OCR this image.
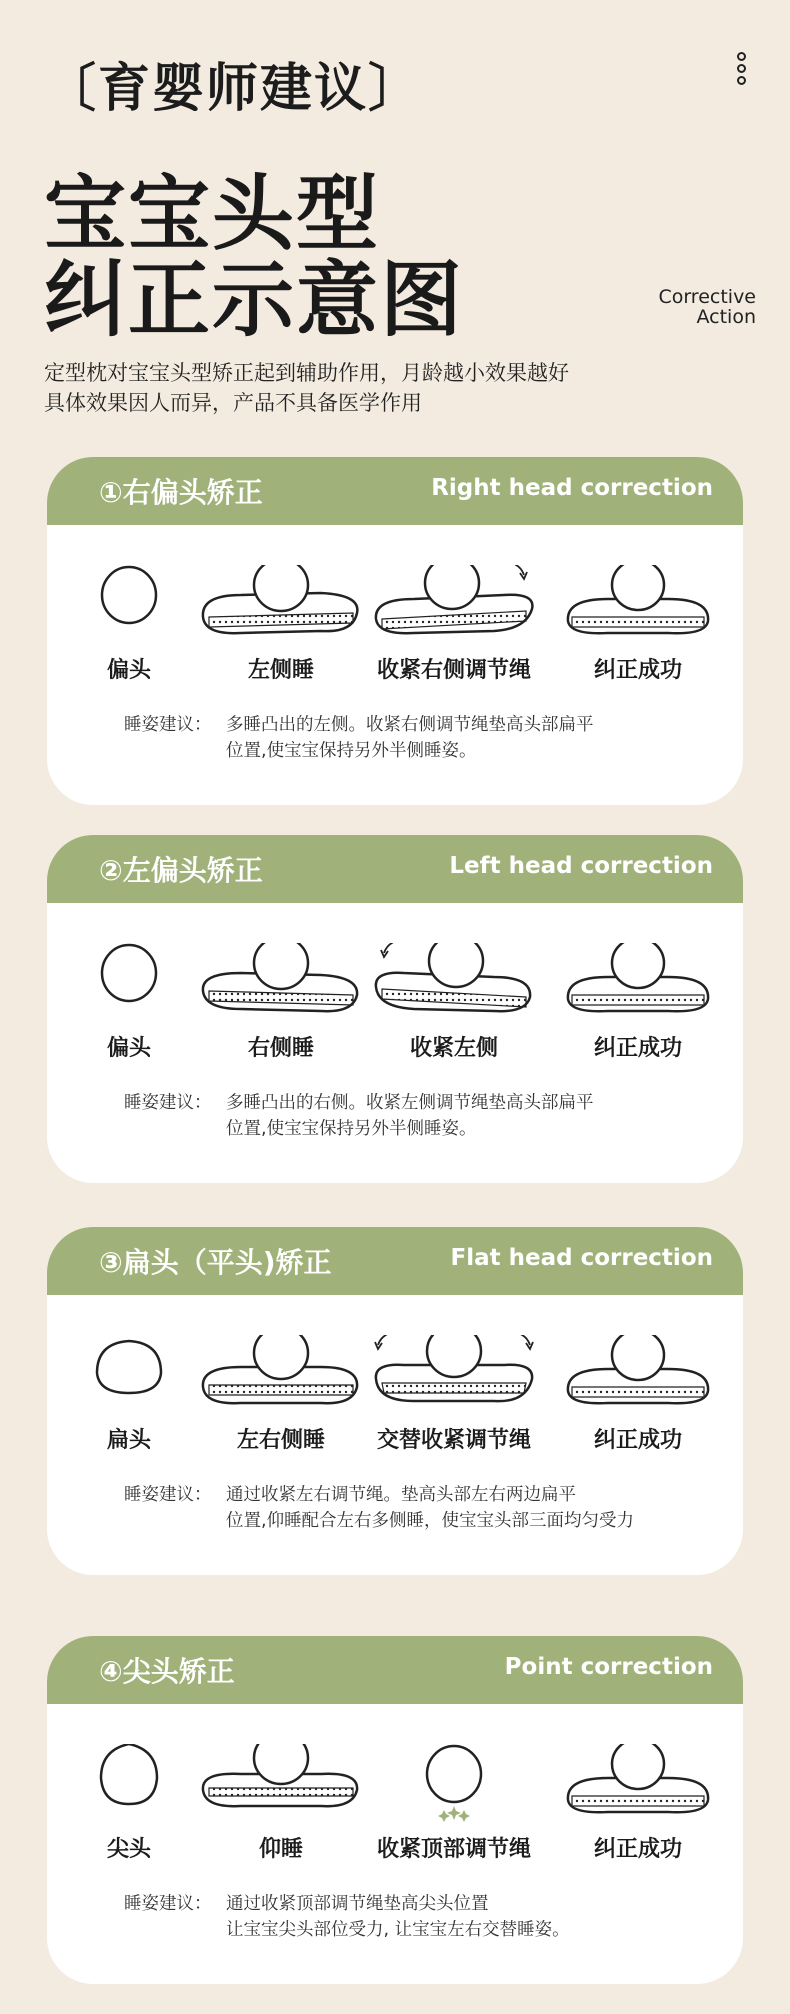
〔育婴师建议〕
宝宝头型
纠正示意图	Corrective
Action
定型枕对宝宝头型矫正起到辅助作用，月龄越小效果越好
具体效果因人而异，产品不具备医学作用
①右偏头矫正	Right head correction
偏头	左侧睡	收紧右侧调节绳	纠正成功
睡姿建议： 多睡凸出的左侧。收紧右侧调节绳垫高头部扁平
位置,使宝宝保持另外半侧睡姿。
②左偏头矫正	Left head correction
偏头	右侧睡	收紧左侧	纠正成功
睡姿建议： 多睡凸出的右侧。收紧左侧调节绳垫高头部扁平
位置,使宝宝保持另外半侧睡姿。
③扁头（平头)矫正	Flat head correction
扁头	左右侧睡	交替收紧调节绳	纠正成功
睡姿建议： 通过收紧左右调节绳。垫高头部左右两边扁平
位置,仰睡配合左右多侧睡，使宝宝头部三面均匀受力
④尖头矫正	Point correction
尖头	仰睡	收紧顶部调节绳	纠正成功
睡姿建议： 通过收紧顶部调节绳垫高尖头位置
让宝宝尖头部位受力, 让宝宝左右交替睡姿。
